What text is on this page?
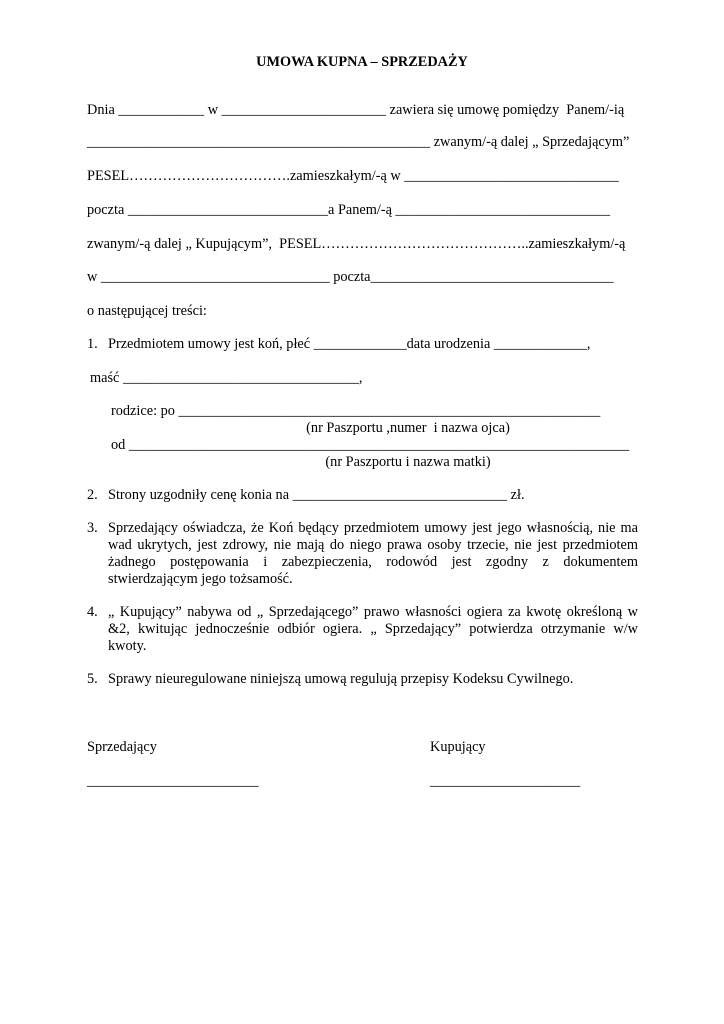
UMOWA KUPNA – SPRZEDAŻY
Dnia ____________ w _______________________ zawiera się umowę pomiędzy  Panem/-ią
________________________________________________ zwanym/-ą dalej „ Sprzedającym”
PESEL…………………………….zamieszkałym/-ą w ______________________________
poczta ____________________________a Panem/-ą ______________________________
zwanym/-ą dalej „ Kupującym”,  PESEL……………………………………..zamieszkałym/-ą
w ________________________________ poczta__________________________________
o następującej treści:
1. Przedmiotem umowy jest koń, płeć _____________data urodzenia _____________,
maść _________________________________,
rodzice: po ___________________________________________________________
(nr Paszportu ,numer  i nazwa ojca)
od ______________________________________________________________________
(nr Paszportu i nazwa matki)
2. Strony uzgodniły cenę konia na ______________________________ zł.
3. Sprzedający oświadcza, że Koń będący przedmiotem umowy jest jego własnością, nie ma
wad ukrytych, jest zdrowy, nie mają do niego prawa osoby trzecie, nie jest przedmiotem
żadnego postępowania i zabezpieczenia, rodowód jest zgodny z dokumentem
stwierdzającym jego tożsamość.
4. „ Kupujący” nabywa od „ Sprzedającego” prawo własności ogiera za kwotę określoną w
&2, kwitując jednocześnie odbiór ogiera. „ Sprzedający” potwierdza otrzymanie w/w
kwoty.
5. Sprawy nieuregulowane niniejszą umową regulują przepisy Kodeksu Cywilnego.
Sprzedający	Kupujący
________________________	_____________________
